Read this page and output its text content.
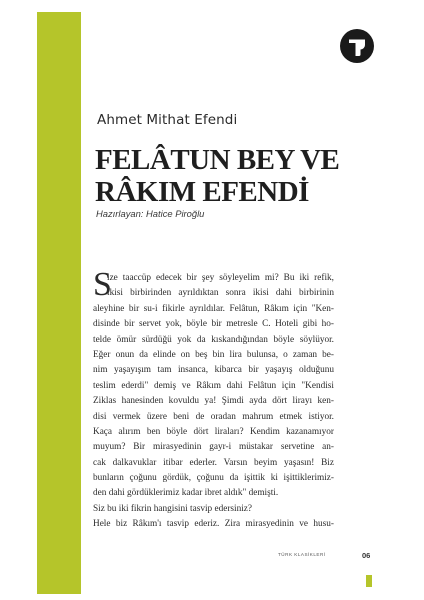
Ahmet Mithat Efendi
FELÂTUN BEY VE
RÂKIM EFENDİ
Hazırlayan: Hatice Piroğlu
S
ize taaccüp edecek bir şey söyleyelim mi? Bu iki refik,
ikisi birbirinden ayrıldıktan sonra ikisi dahi birbirinin
aleyhine bir su-i fikirle ayrıldılar. Felâtun, Râkım için "Ken-
disinde bir servet yok, böyle bir metresle C. Hoteli gibi ho-
telde ömür sürdüğü yok da kıskandığından böyle söylüyor.
Eğer onun da elinde on beş bin lira bulunsa, o zaman be-
nim yaşayışım tam insanca, kibarca bir yaşayış olduğunu
teslim ederdi" demiş ve Râkım dahi Felâtun için "Kendisi
Ziklas hanesinden kovuldu ya! Şimdi ayda dört lirayı ken-
disi vermek üzere beni de oradan mahrum etmek istiyor.
Kaça alırım ben böyle dört liraları? Kendim kazanamıyor
muyum? Bir mirasyedinin gayr-i müstakar servetine an-
cak dalkavuklar itibar ederler. Varsın beyim yaşasın! Biz
bunların çoğunu gördük, çoğunu da işittik ki işittiklerimiz-
den dahi gördüklerimiz kadar ibret aldık" demişti.
Siz bu iki fikrin hangisini tasvip edersiniz?
Hele biz Râkım'ı tasvip ederiz. Zira mirasyedinin ve husu-
TÜRK KLASİKLERİ	06
